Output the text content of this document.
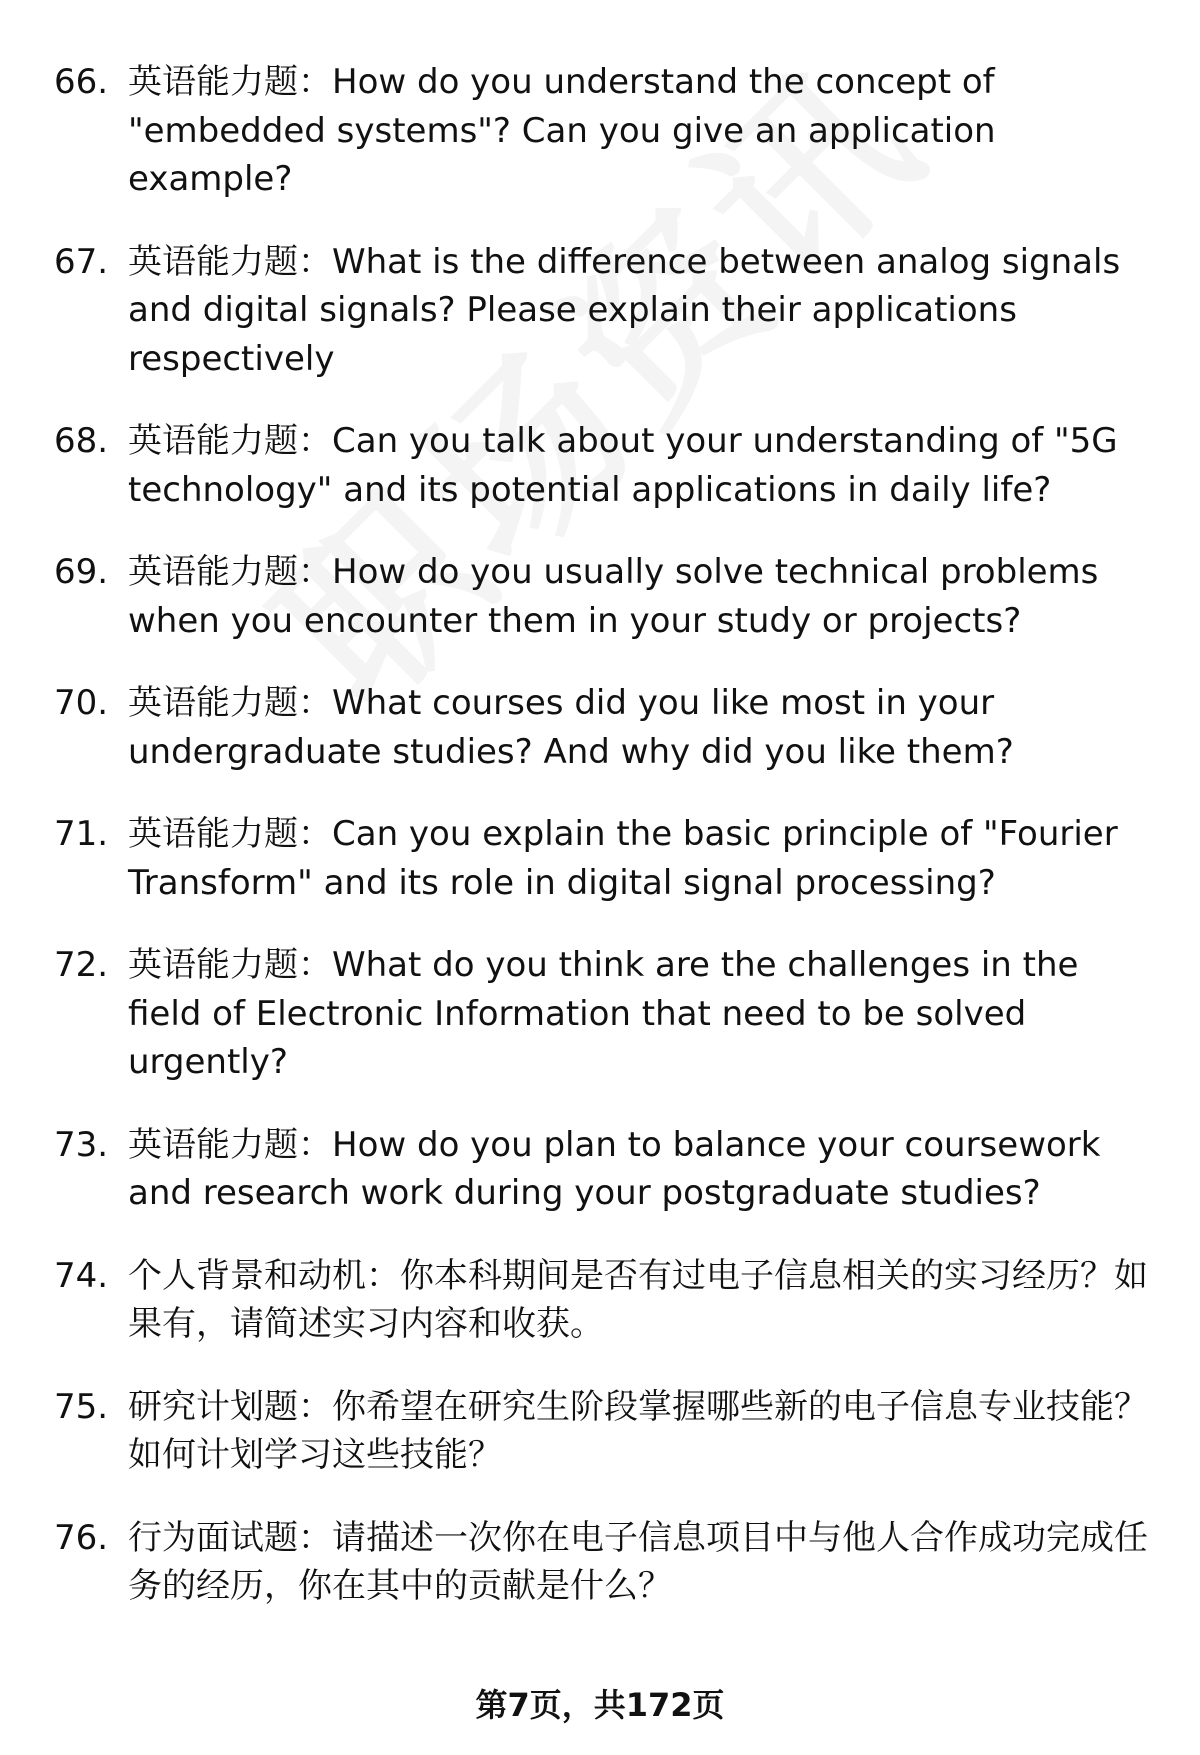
66. 英语能力题：How do you understand the concept of "embedded systems"? Can you give an application example?
67. 英语能力题：What is the difference between analog signals and digital signals? Please explain their applications respectively
68. 英语能力题：Can you talk about your understanding of "5G technology" and its potential applications in daily life?
69. 英语能力题：How do you usually solve technical problems when you encounter them in your study or projects?
70. 英语能力题：What courses did you like most in your undergraduate studies? And why did you like them?
71. 英语能力题：Can you explain the basic principle of "Fourier Transform" and its role in digital signal processing?
72. 英语能力题：What do you think are the challenges in the field of Electronic Information that need to be solved urgently?
73. 英语能力题：How do you plan to balance your coursework and research work during your postgraduate studies?
74. 个人背景和动机：你本科期间是否有过电子信息相关的实习经历？如果有，请简述实习内容和收获。
75. 研究计划题：你希望在研究生阶段掌握哪些新的电子信息专业技能？如何计划学习这些技能？
76. 行为面试题：请描述一次你在电子信息项目中与他人合作成功完成任务的经历，你在其中的贡献是什么？
第7页，共172页
